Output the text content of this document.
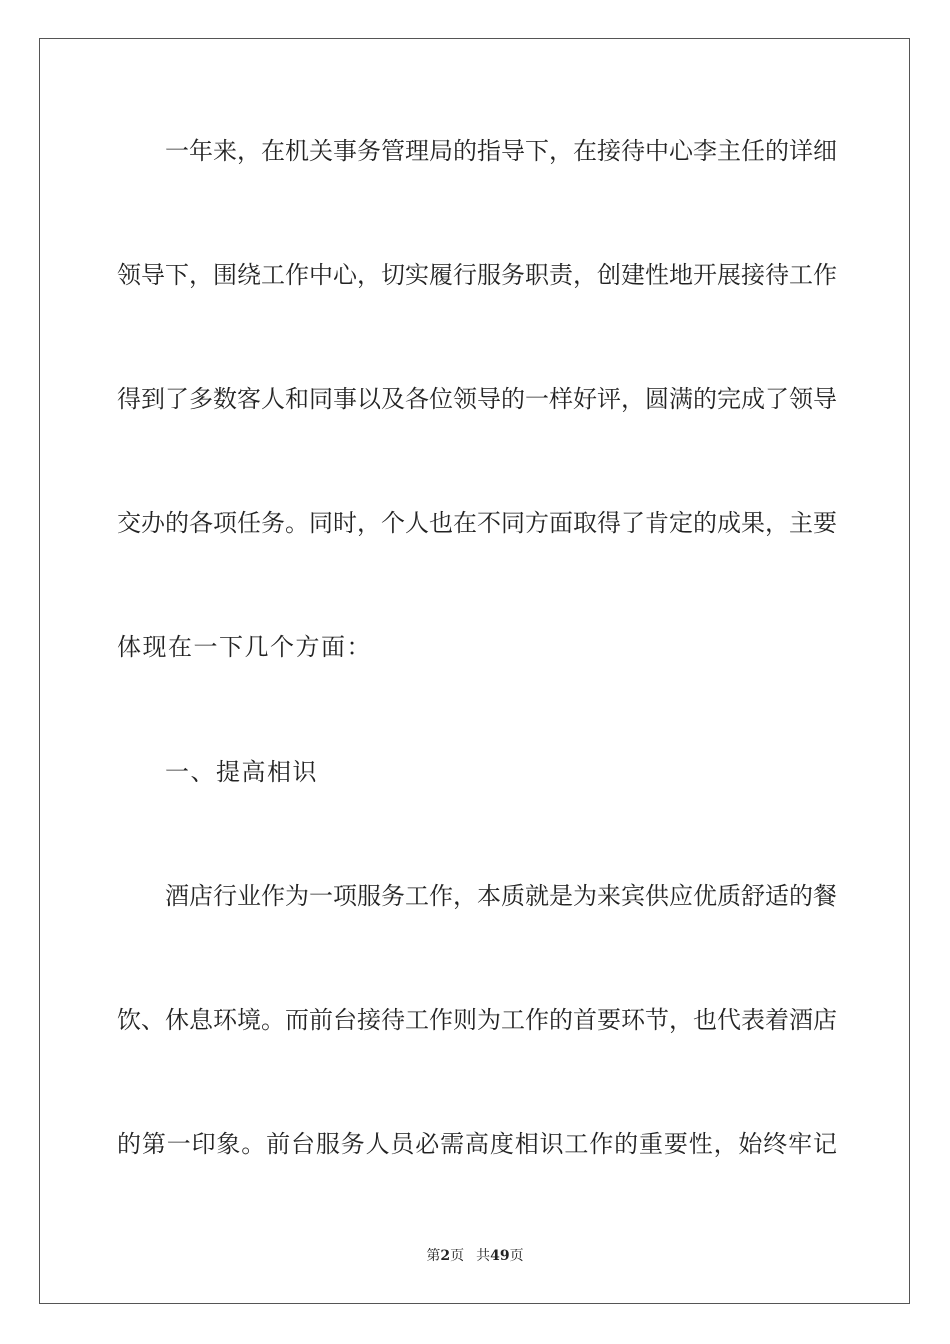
一年来，在机关事务管理局的指导下，在接待中心李主任的详细
领导下，围绕工作中心，切实履行服务职责，创建性地开展接待工作
得到了多数客人和同事以及各位领导的一样好评，圆满的完成了领导
交办的各项任务。同时，个人也在不同方面取得了肯定的成果，主要
体现在一下几个方面：
一、提高相识
酒店行业作为一项服务工作，本质就是为来宾供应优质舒适的餐
饮、休息环境。而前台接待工作则为工作的首要环节，也代表着酒店
的第一印象。前台服务人员必需高度相识工作的重要性，始终牢记
第2页 共49页
